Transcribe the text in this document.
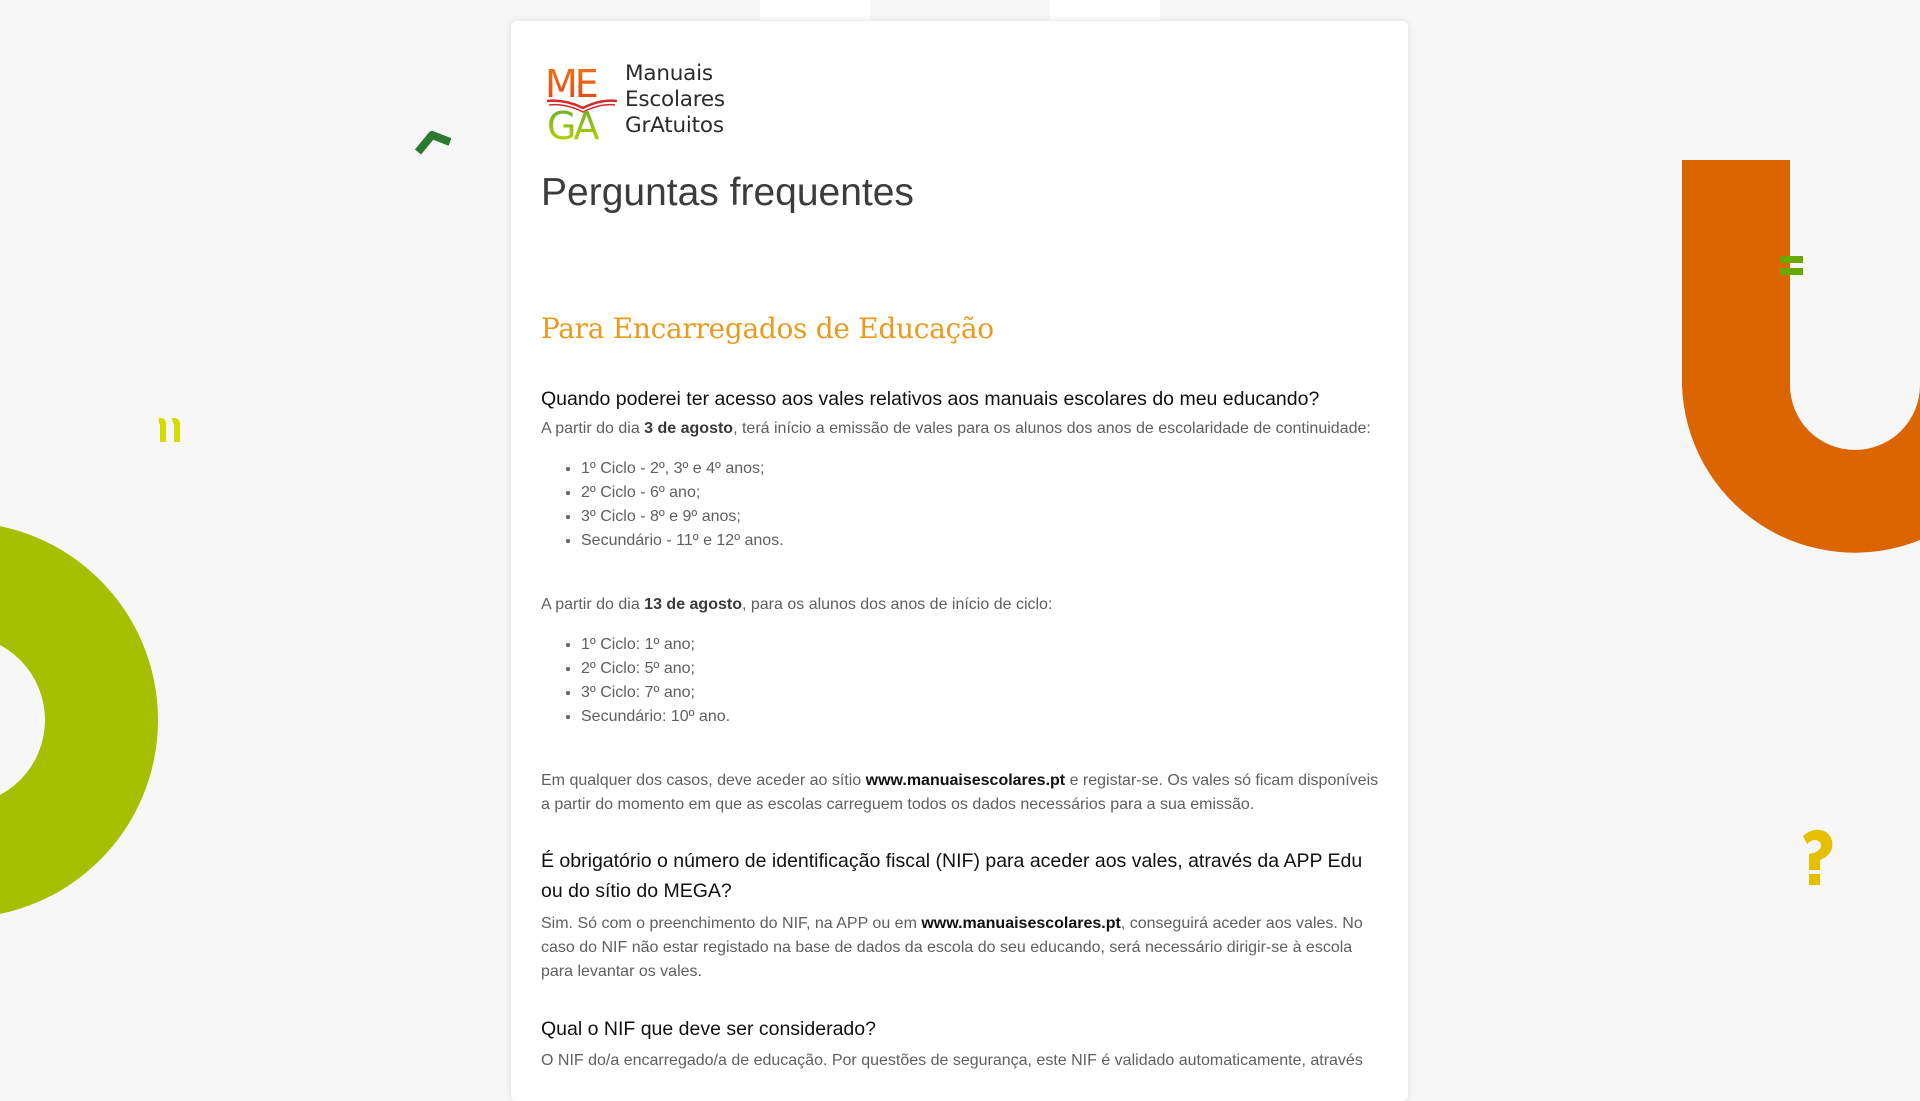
ME
GA
Manuais
Escolares
GrAtuitos
Perguntas frequentes
Para Encarregados de Educação
Quando poderei ter acesso aos vales relativos aos manuais escolares do meu educando?

A partir do dia 3 de agosto, terá início a emissão de vales para os alunos dos anos de escolaridade de continuidade:

• 1º Ciclo - 2º, 3º e 4º anos;
• 2º Ciclo - 6º ano;
• 3º Ciclo - 8º e 9º anos;
• Secundário - 11º e 12º anos.

A partir do dia 13 de agosto, para os alunos dos anos de início de ciclo:

• 1º Ciclo: 1º ano;
• 2º Ciclo: 5º ano;
• 3º Ciclo: 7º ano;
• Secundário: 10º ano.

Em qualquer dos casos, deve aceder ao sítio www.manuaisescolares.pt e registar-se. Os vales só ficam disponíveis a partir do momento em que as escolas carreguem todos os dados necessários para a sua emissão.

É obrigatório o número de identificação fiscal (NIF) para aceder aos vales, através da APP Edu ou do sítio do MEGA?

Sim. Só com o preenchimento do NIF, na APP ou em www.manuaisescolares.pt, conseguirá aceder aos vales. No caso do NIF não estar registado na base de dados da escola do seu educando, será necessário dirigir-se à escola para levantar os vales.

Qual o NIF que deve ser considerado?

O NIF do/a encarregado/a de educação. Por questões de segurança, este NIF é validado automaticamente, através
